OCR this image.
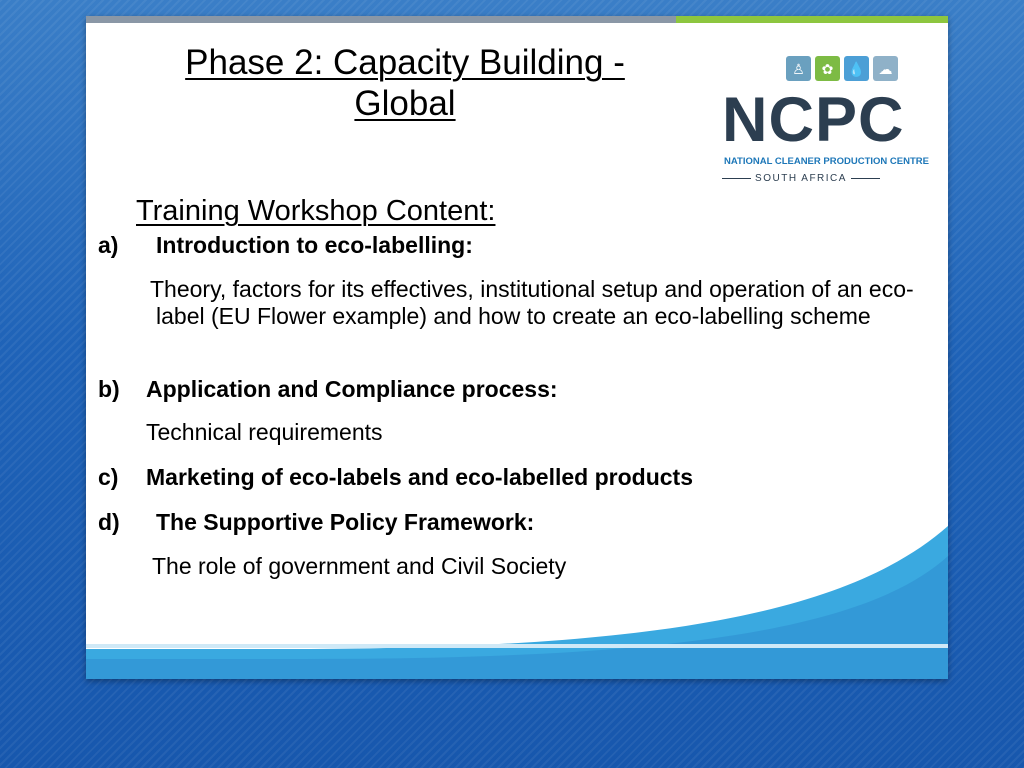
Phase 2: Capacity Building - Global
♙	✿	💧 ☁
NCPC
NATIONAL CLEANER PRODUCTION CENTRE
SOUTH AFRICA
Training Workshop Content:
a) Introduction to eco-labelling:
Theory, factors for its effectives, institutional setup and operation of an eco-label (EU Flower example) and how to create an eco-labelling scheme
b) Application and Compliance process:
Technical requirements
c) Marketing of eco-labels and eco-labelled products
d) The Supportive Policy Framework:
The role of government and Civil Society
